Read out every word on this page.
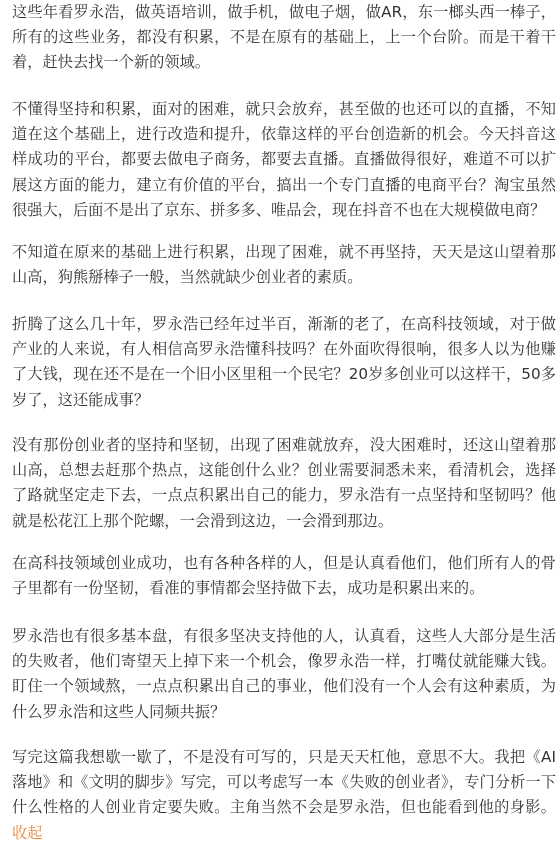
这些年看罗永浩，做英语培训，做手机，做电子烟，做AR，东一榔头西一棒子，所有的这些业务，都没有积累，不是在原有的基础上，上一个台阶。而是干着干着，赶快去找一个新的领域。

不懂得坚持和积累，面对的困难，就只会放弃，甚至做的也还可以的直播，不知道在这个基础上，进行改造和提升，依靠这样的平台创造新的机会。今天抖音这样成功的平台，都要去做电子商务，都要去直播。直播做得很好，难道不可以扩展这方面的能力，建立有价值的平台，搞出一个专门直播的电商平台？淘宝虽然很强大，后面不是出了京东、拼多多、唯品会，现在抖音不也在大规模做电商？

不知道在原来的基础上进行积累，出现了困难，就不再坚持，天天是这山望着那山高，狗熊掰棒子一般，当然就缺少创业者的素质。

折腾了这么几十年，罗永浩已经年过半百，渐渐的老了，在高科技领域，对于做产业的人来说，有人相信高罗永浩懂科技吗？在外面吹得很响，很多人以为他赚了大钱，现在还不是在一个旧小区里租一个民宅？20岁多创业可以这样干，50多岁了，这还能成事？

没有那份创业者的坚持和坚韧，出现了困难就放弃，没大困难时，还这山望着那山高，总想去赶那个热点，这能创什么业？创业需要洞悉未来，看清机会，选择了路就坚定走下去，一点点积累出自己的能力，罗永浩有一点坚持和坚韧吗？他就是松花江上那个陀螺，一会滑到这边，一会滑到那边。

在高科技领域创业成功，也有各种各样的人，但是认真看他们，他们所有人的骨子里都有一份坚韧，看准的事情都会坚持做下去，成功是积累出来的。

罗永浩也有很多基本盘，有很多坚决支持他的人，认真看，这些人大部分是生活的失败者，他们寄望天上掉下来一个机会，像罗永浩一样，打嘴仗就能赚大钱。盯住一个领域熬，一点点积累出自己的事业，他们没有一个人会有这种素质，为什么罗永浩和这些人同频共振？

写完这篇我想歇一歇了，不是没有可写的，只是天天杠他，意思不大。我把《AI落地》和《文明的脚步》写完，可以考虑写一本《失败的创业者》，专门分析一下什么性格的人创业肯定要失败。主角当然不会是罗永浩，但也能看到他的身影。 收起
